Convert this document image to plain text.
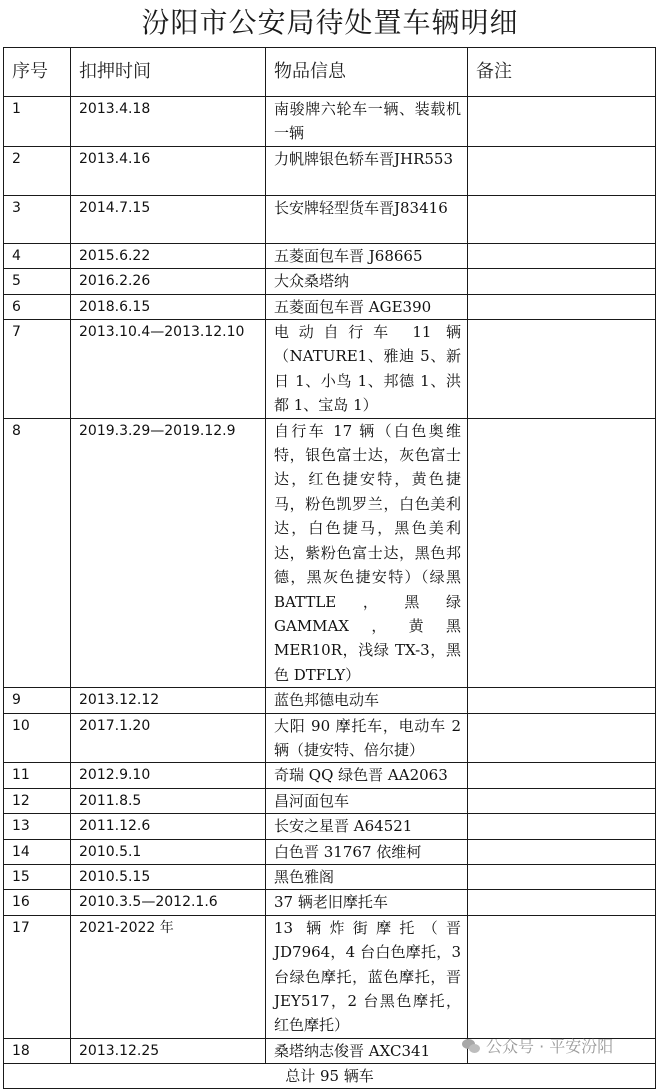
汾阳市公安局待处置车辆明细
序号	扣押时间	物品信息	备注
1	2013.4.18	南骏牌六轮车一辆、装载机一辆	
2	2013.4.16	力帆牌银色轿车晋JHR553	
3	2014.7.15	长安牌轻型货车晋J83416	
4	2015.6.22	五菱面包车晋 J68665	
5	2016.2.26	大众桑塔纳	
6	2018.6.15	五菱面包车晋 AGE390	
7	2013.10.4—2013.12.10	电动自行车 11 辆（NATURE1、雅迪 5、新日 1、小鸟 1、邦德 1、洪都 1、宝岛 1）	
8	2019.3.29—2019.12.9	自行车 17 辆（白色奥维特，银色富士达，灰色富士达，红色捷安特，黄色捷马，粉色凯罗兰，白色美利达，白色捷马，黑色美利达，紫粉色富士达，黑色邦德，黑灰色捷安特）（绿黑 BATTLE，黑绿 GAMMAX，黄黑 MER10R，浅绿 TX-3，黑色 DTFLY）	
9	2013.12.12	蓝色邦德电动车	
10	2017.1.20	大阳 90 摩托车，电动车 2 辆（捷安特、倍尔捷）	
11	2012.9.10	奇瑞 QQ 绿色晋 AA2063	
12	2011.8.5	昌河面包车	
13	2011.12.6	长安之星晋 A64521	
14	2010.5.1	白色晋 31767 依维柯	
15	2010.5.15	黑色雅阁	
16	2010.3.5—2012.1.6	37 辆老旧摩托车	
17	2021-2022 年	13 辆炸街摩托（晋JD7964，4 台白色摩托，3 台绿色摩托，蓝色摩托，晋 JEY517，2 台黑色摩托，红色摩托）	
18	2013.12.25	桑塔纳志俊晋 AXC341	
总计 95 辆车			
公众号 · 平安汾阳
